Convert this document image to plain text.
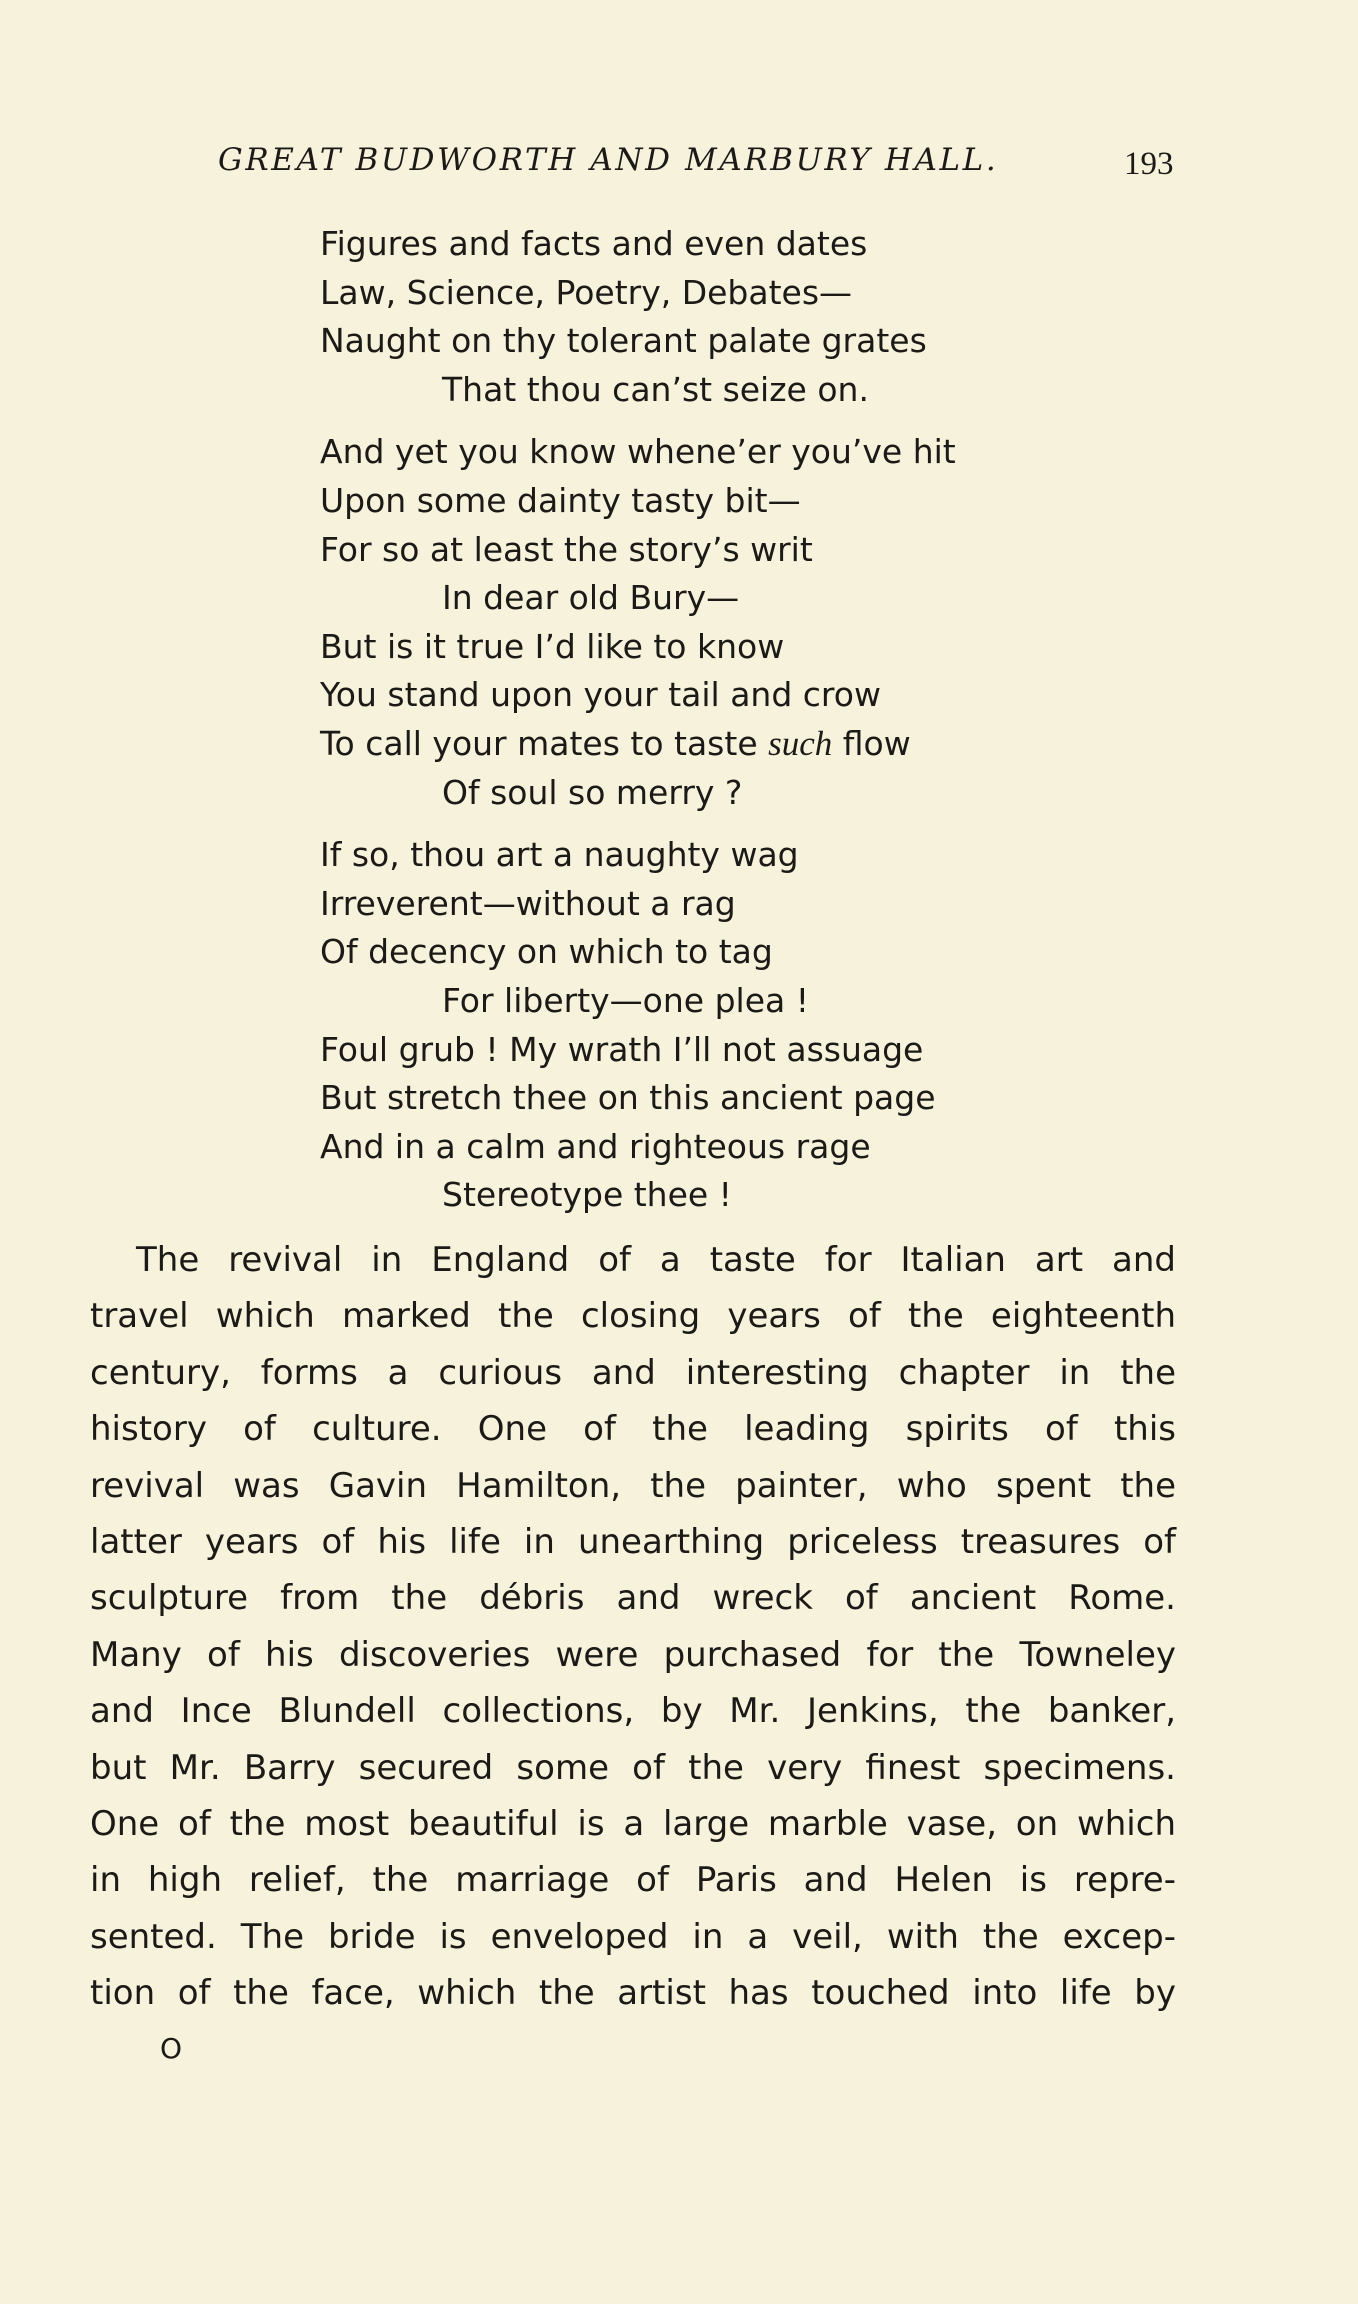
GREAT BUDWORTH AND MARBURY HALL.	193
Figures and facts and even dates
Law, Science, Poetry, Debates—
Naught on thy tolerant palate grates
That thou can’st seize on.
And yet you know whene’er you’ve hit
Upon some dainty tasty bit—
For so at least the story’s writ
In dear old Bury—
But is it true I’d like to know
You stand upon your tail and crow
To call your mates to taste such flow
Of soul so merry ?
If so, thou art a naughty wag
Irreverent—without a rag
Of decency on which to tag
For liberty—one plea !
Foul grub ! My wrath I’ll not assuage
But stretch thee on this ancient page
And in a calm and righteous rage
Stereotype thee !
The revival in England of a taste for Italian art and
travel which marked the closing years of the eighteenth
century, forms a curious and interesting chapter in the
history of culture. One of the leading spirits of this
revival was Gavin Hamilton, the painter, who spent the
latter years of his life in unearthing priceless treasures of
sculpture from the débris and wreck of ancient Rome.
Many of his discoveries were purchased for the Towneley
and Ince Blundell collections, by Mr. Jenkins, the banker,
but Mr. Barry secured some of the very finest specimens.
One of the most beautiful is a large marble vase, on which
in high relief, the marriage of Paris and Helen is repre-
sented. The bride is enveloped in a veil, with the excep-
tion of the face, which the artist has touched into life by
O
